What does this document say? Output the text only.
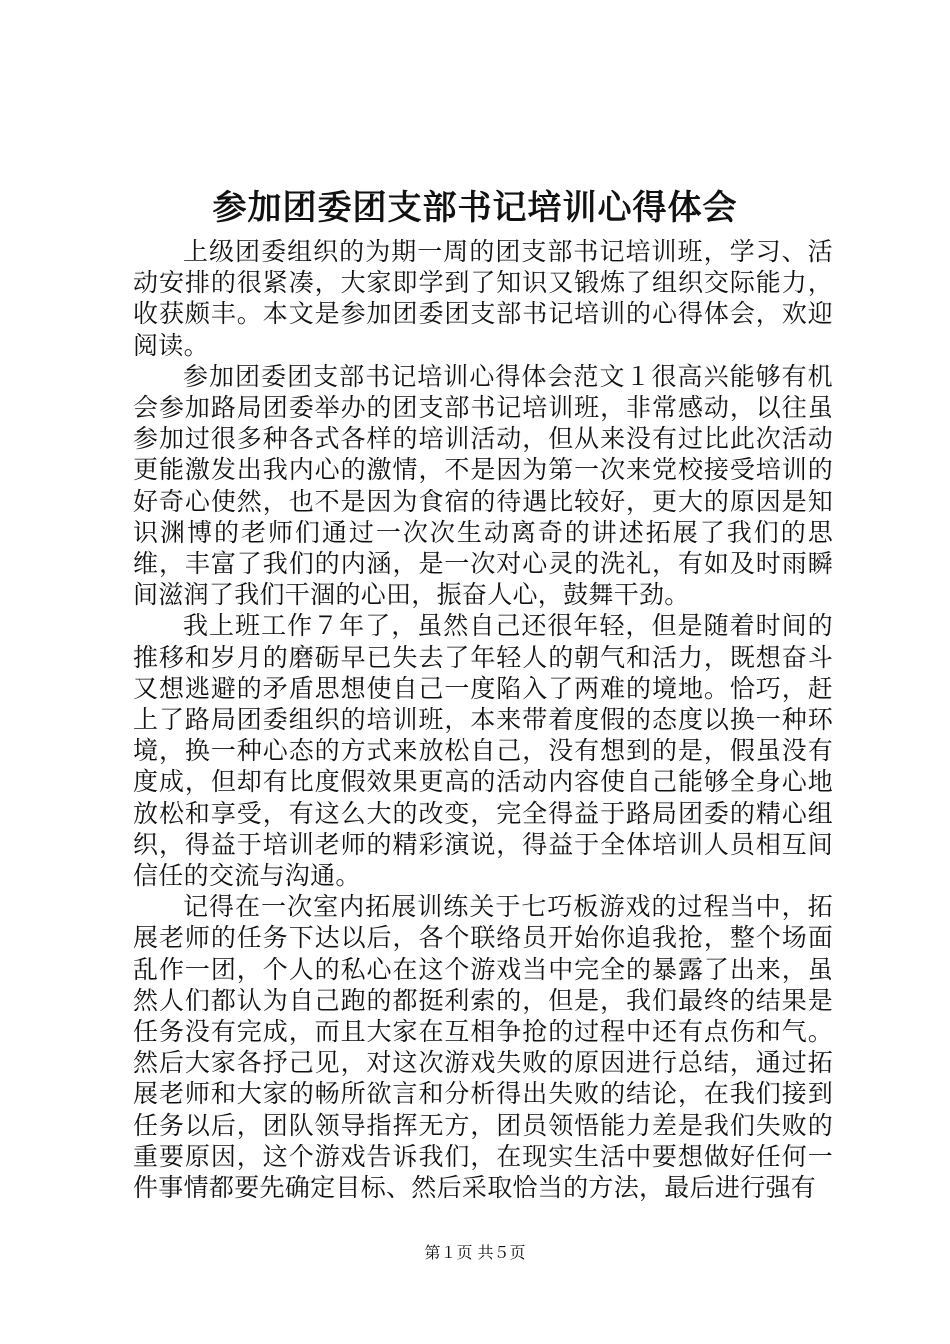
参加团委团支部书记培训心得体会

上级团委组织的为期一周的团支部书记培训班，学习、活动安排的很紧凑，大家即学到了知识又锻炼了组织交际能力，收获颇丰。本文是参加团委团支部书记培训的心得体会，欢迎阅读。

参加团委团支部书记培训心得体会范文１很高兴能够有机会参加路局团委举办的团支部书记培训班，非常感动，以往虽参加过很多种各式各样的培训活动，但从来没有过比此次活动更能激发出我内心的激情，不是因为第一次来党校接受培训的好奇心使然，也不是因为食宿的待遇比较好，更大的原因是知识渊博的老师们通过一次次生动离奇的讲述拓展了我们的思维，丰富了我们的内涵，是一次对心灵的洗礼，有如及时雨瞬间滋润了我们干涸的心田，振奋人心，鼓舞干劲。

我上班工作７年了，虽然自己还很年轻，但是随着时间的推移和岁月的磨砺早已失去了年轻人的朝气和活力，既想奋斗又想逃避的矛盾思想使自己一度陷入了两难的境地。恰巧，赶上了路局团委组织的培训班，本来带着度假的态度以换一种环境，换一种心态的方式来放松自己，没有想到的是，假虽没有度成，但却有比度假效果更高的活动内容使自己能够全身心地放松和享受，有这么大的改变，完全得益于路局团委的精心组织，得益于培训老师的精彩演说，得益于全体培训人员相互间信任的交流与沟通。

记得在一次室内拓展训练关于七巧板游戏的过程当中，拓展老师的任务下达以后，各个联络员开始你追我抢，整个场面乱作一团，个人的私心在这个游戏当中完全的暴露了出来，虽然人们都认为自己跑的都挺利索的，但是，我们最终的结果是任务没有完成，而且大家在互相争抢的过程中还有点伤和气。然后大家各抒己见，对这次游戏失败的原因进行总结，通过拓展老师和大家的畅所欲言和分析得出失败的结论，在我们接到任务以后，团队领导指挥无方，团员领悟能力差是我们失败的重要原因，这个游戏告诉我们，在现实生活中要想做好任何一件事情都要先确定目标、然后采取恰当的方法，最后进行强有

第１页 共５页
